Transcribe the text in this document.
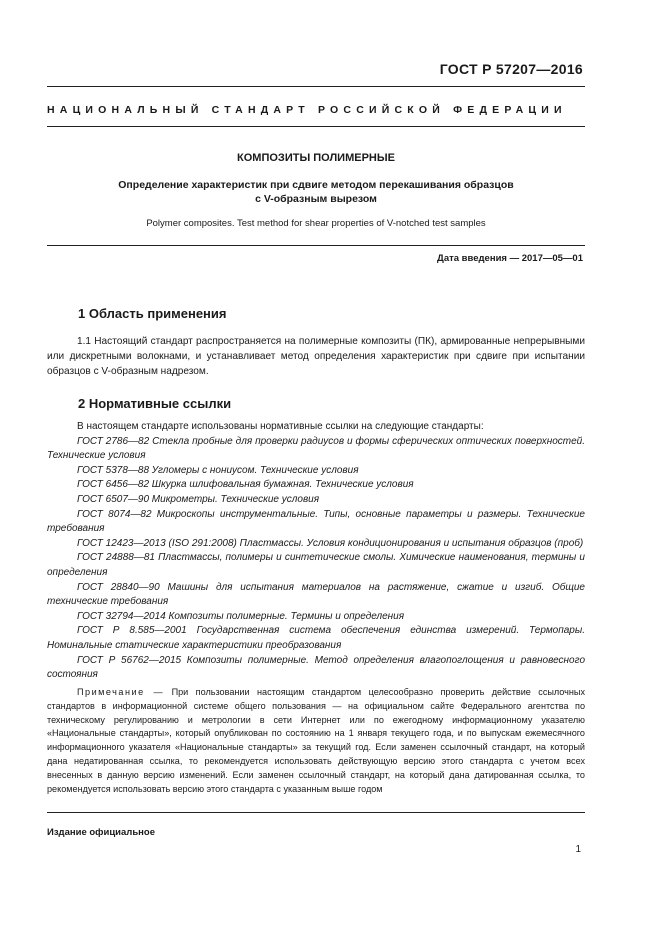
ГОСТ Р 57207—2016
НАЦИОНАЛЬНЫЙ СТАНДАРТ РОССИЙСКОЙ ФЕДЕРАЦИИ
КОМПОЗИТЫ ПОЛИМЕРНЫЕ
Определение характеристик при сдвиге методом перекашивания образцов
с V-образным вырезом
Polymer composites. Test method for shear properties of V-notched test samples
Дата введения — 2017—05—01
1 Область применения
1.1 Настоящий стандарт распространяется на полимерные композиты (ПК), армированные непрерывными или дискретными волокнами, и устанавливает метод определения характеристик при сдвиге при испытании образцов с V-образным надрезом.
2 Нормативные ссылки

В настоящем стандарте использованы нормативные ссылки на следующие стандарты:

ГОСТ 2786—82 Стекла пробные для проверки радиусов и формы сферических оптических поверхностей. Технические условия

ГОСТ 5378—88 Угломеры с нониусом. Технические условия

ГОСТ 6456—82 Шкурка шлифовальная бумажная. Технические условия

ГОСТ 6507—90 Микрометры. Технические условия

ГОСТ 8074—82 Микроскопы инструментальные. Типы, основные параметры и размеры. Технические требования

ГОСТ 12423—2013 (ISO 291:2008) Пластмассы. Условия кондиционирования и испытания образцов (проб)

ГОСТ 24888—81 Пластмассы, полимеры и синтетические смолы. Химические наименования, термины и определения

ГОСТ 28840—90 Машины для испытания материалов на растяжение, сжатие и изгиб. Общие технические требования

ГОСТ 32794—2014 Композиты полимерные. Термины и определения

ГОСТ Р 8.585—2001 Государственная система обеспечения единства измерений. Термопары. Номинальные статические характеристики преобразования

ГОСТ Р 56762—2015 Композиты полимерные. Метод определения влагопоглощения и равновесного состояния

Примечание — При пользовании настоящим стандартом целесообразно проверить действие ссылочных стандартов в информационной системе общего пользования — на официальном сайте Федерального агентства по техническому регулированию и метрологии в сети Интернет или по ежегодному информационному указателю «Национальные стандарты», который опубликован по состоянию на 1 января текущего года, и по выпускам ежемесячного информационного указателя «Национальные стандарты» за текущий год. Если заменен ссылочный стандарт, на который дана недатированная ссылка, то рекомендуется использовать действующую версию этого стандарта с учетом всех внесенных в данную версию изменений. Если заменен ссылочный стандарт, на который дана датированная ссылка, то рекомендуется использовать версию этого стандарта с указанным выше годом

Издание официальное
1
